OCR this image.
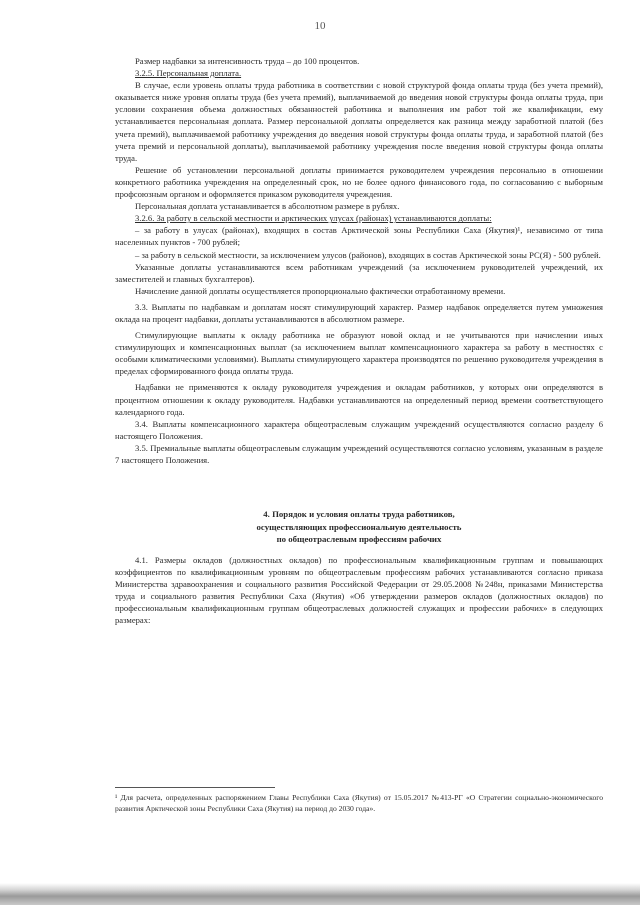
10

Размер надбавки за интенсивность труда – до 100 процентов.

3.2.5. Персональная доплата.

В случае, если уровень оплаты труда работника в соответствии с новой структурой фонда оплаты труда (без учета премий), оказывается ниже уровня оплаты труда (без учета премий), выплачиваемой до введения новой структуры фонда оплаты труда, при условии сохранения объема должностных обязанностей работника и выполнения им работ той же квалификации, ему устанавливается персональная доплата. Размер персональной доплаты определяется как разница между заработной платой (без учета премий), выплачиваемой работнику учреждения до введения новой структуры фонда оплаты труда, и заработной платой (без учета премий и персональной доплаты), выплачиваемой работнику учреждения после введения новой структуры фонда оплаты труда.

Решение об установлении персональной доплаты принимается руководителем учреждения персонально в отношении конкретного работника учреждения на определенный срок, но не более одного финансового года, по согласованию с выборным профсоюзным органом и оформляется приказом руководителя учреждения.

Персональная доплата устанавливается в абсолютном размере в рублях.

3.2.6. За работу в сельской местности и арктических улусах (районах) устанавливаются доплаты:

– за работу в улусах (районах), входящих в состав Арктической зоны Республики Саха (Якутия)¹, независимо от типа населенных пунктов - 700 рублей;

– за работу в сельской местности, за исключением улусов (районов), входящих в состав Арктической зоны РС(Я) - 500 рублей.

Указанные доплаты устанавливаются всем работникам учреждений (за исключением руководителей учреждений, их заместителей и главных бухгалтеров).

Начисление данной доплаты осуществляется пропорционально фактически отработанному времени.

3.3. Выплаты по надбавкам и доплатам носят стимулирующий характер. Размер надбавок определяется путем умножения оклада на процент надбавки, доплаты устанавливаются в абсолютном размере.

Стимулирующие выплаты к окладу работника не образуют новой оклад и не учитываются при начислении иных стимулирующих и компенсационных выплат (за исключением выплат компенсационного характера за работу в местностях с особыми климатическими условиями). Выплаты стимулирующего характера производятся по решению руководителя учреждения в пределах сформированного фонда оплаты труда.

Надбавки не применяются к окладу руководителя учреждения и окладам работников, у которых они определяются в процентном отношении к окладу руководителя. Надбавки устанавливаются на определенный период времени соответствующего календарного года.

3.4. Выплаты компенсационного характера общеотраслевым служащим учреждений осуществляются согласно разделу 6 настоящего Положения.

3.5. Премиальные выплаты общеотраслевым служащим учреждений осуществляются согласно условиям, указанным в разделе 7 настоящего Положения.

4. Порядок и условия оплаты труда работников,
осуществляющих профессиональную деятельность
по общеотраслевым профессиям рабочих

4.1. Размеры окладов (должностных окладов) по профессиональным квалификационным группам и повышающих коэффициентов по квалификационным уровням по общеотраслевым профессиям рабочих устанавливаются согласно приказа Министерства здравоохранения и социального развития Российской Федерации от 29.05.2008 №248н, приказами Министерства труда и социального развития Республики Саха (Якутия) «Об утверждении размеров окладов (должностных окладов) по профессиональным квалификационным группам общеотраслевых должностей служащих и профессии рабочих» в следующих размерах:

¹ Для расчета, определенных распоряжением Главы Республики Саха (Якутия) от 15.05.2017 №413-РГ «О Стратегии социально-экономического развития Арктической зоны Республики Саха (Якутия) на период до 2030 года».
